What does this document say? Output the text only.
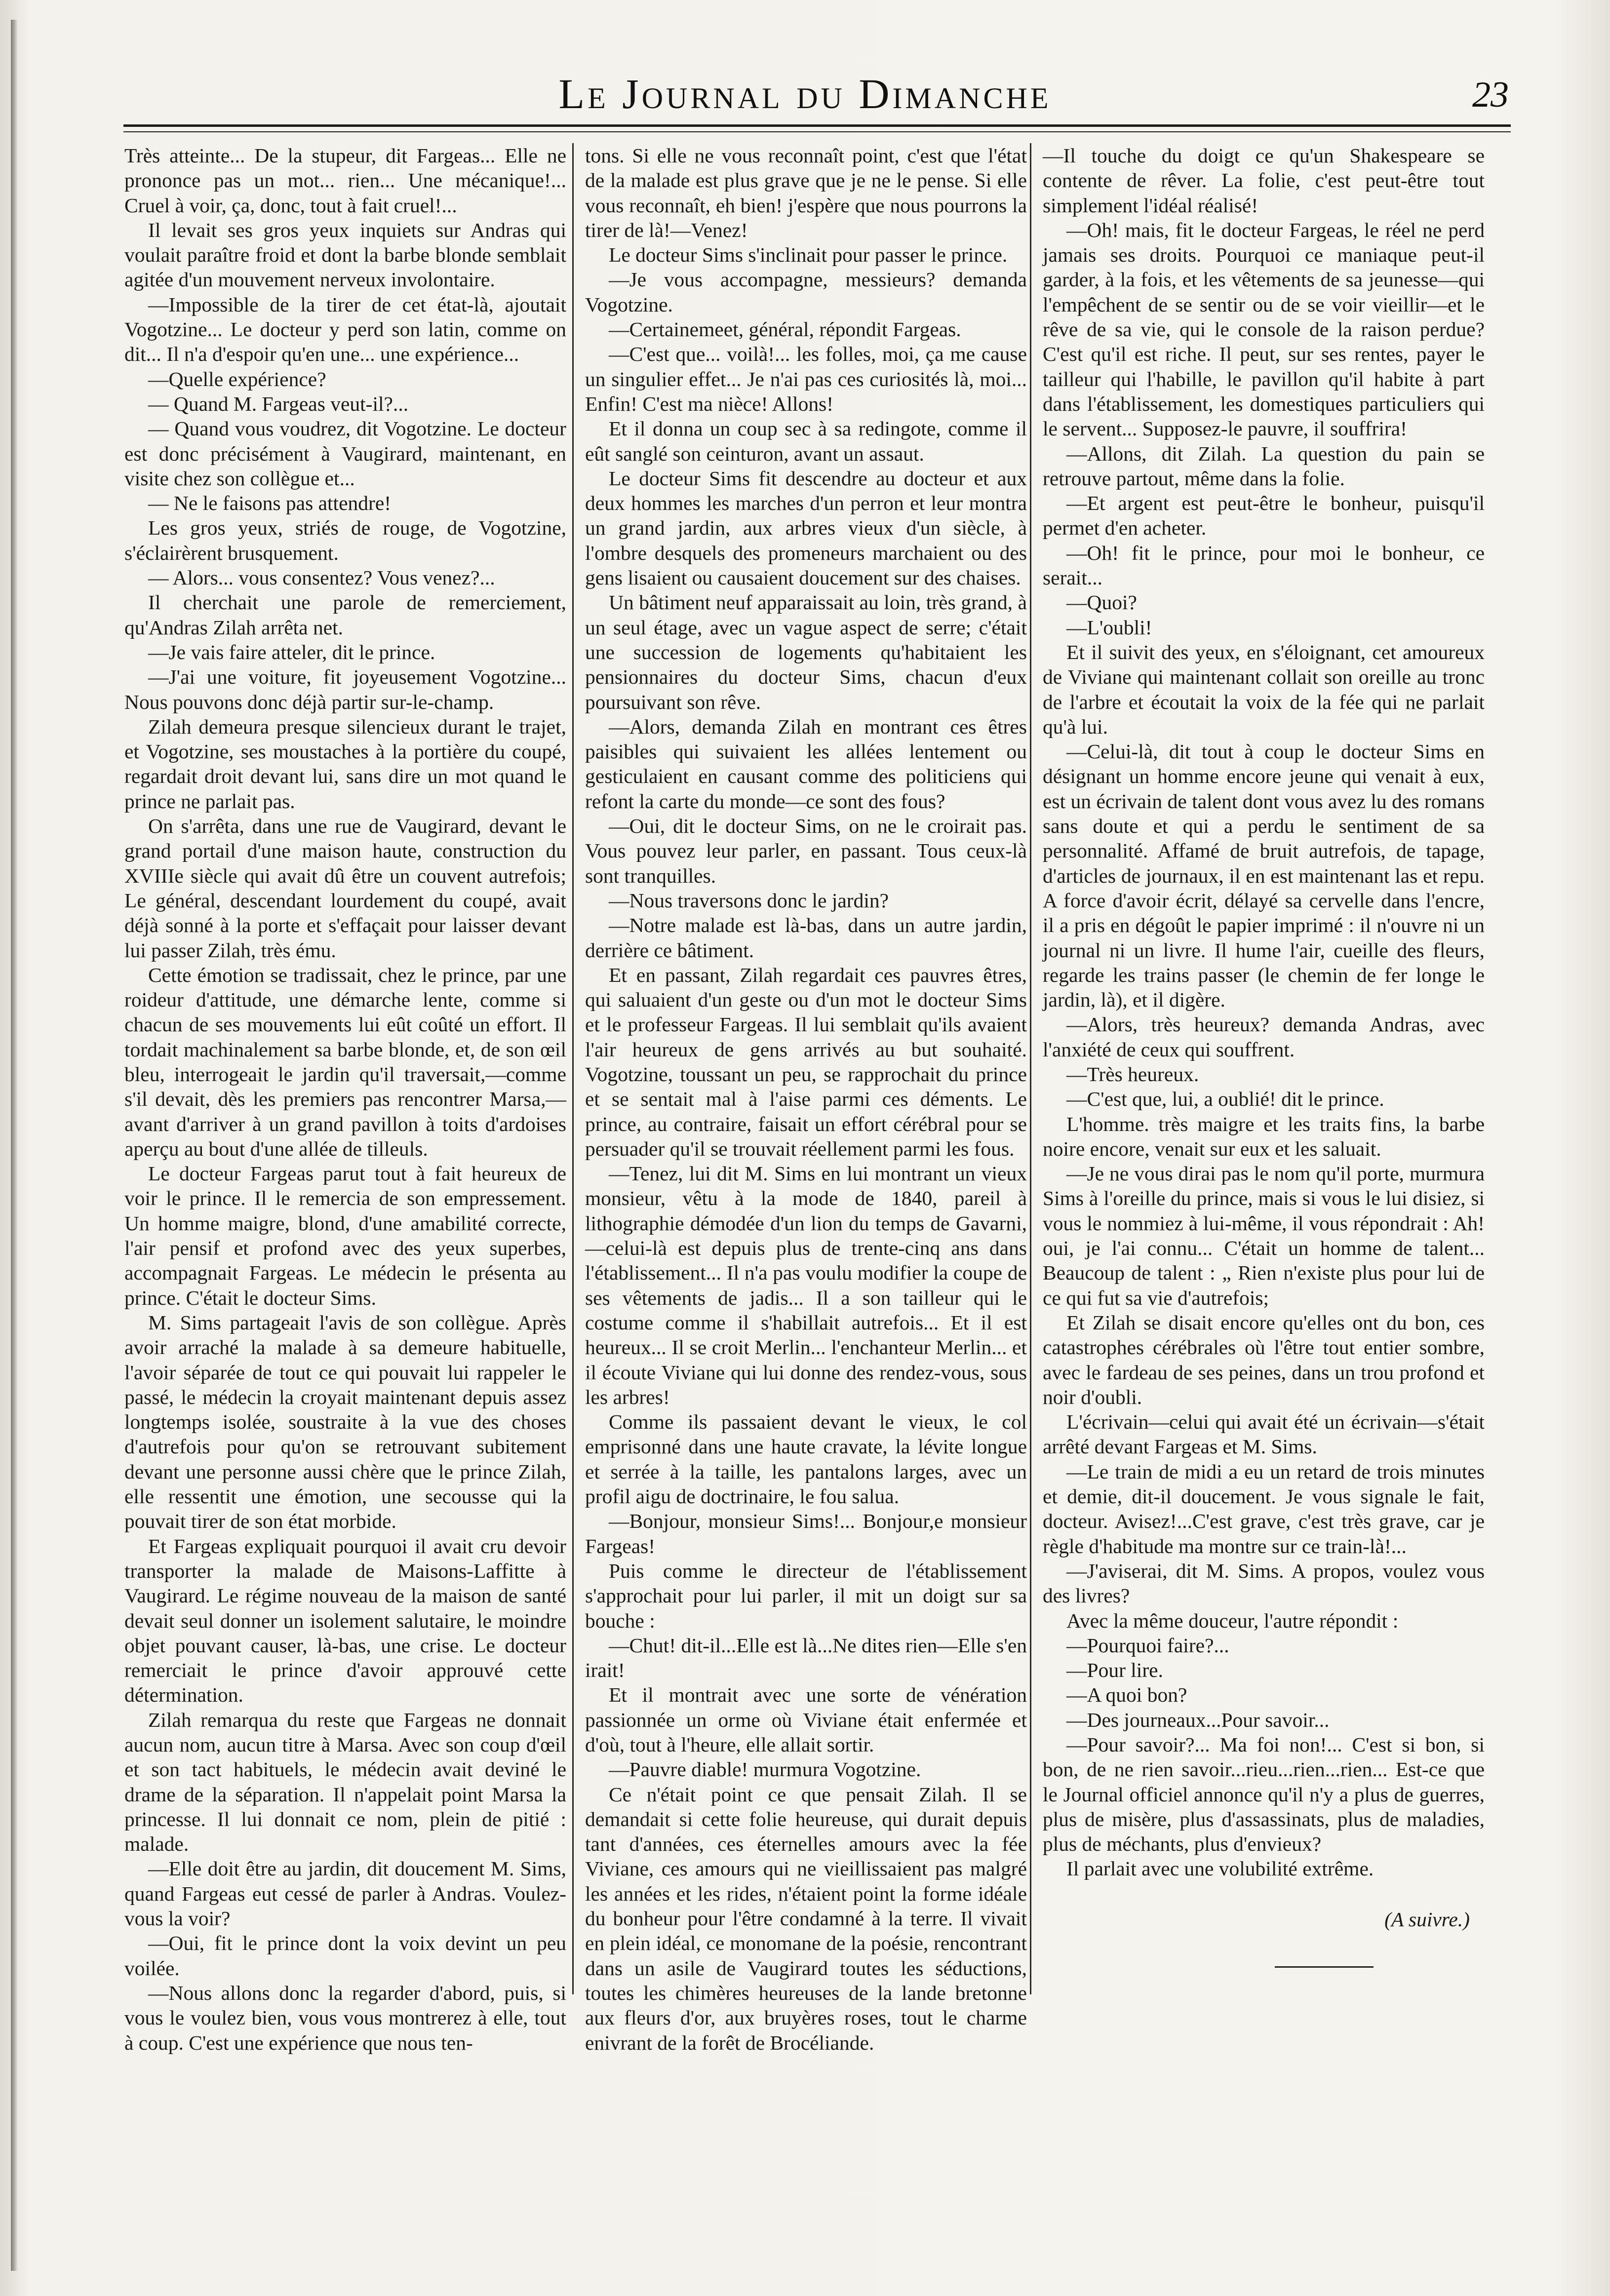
Le Journal du Dimanche	23

Très atteinte... De la stupeur, dit Fargeas... Elle ne prononce pas un mot... rien... Une mécanique!... Cruel à voir, ça, donc, tout à fait cruel!...

Il levait ses gros yeux inquiets sur Andras qui voulait paraître froid et dont la barbe blonde semblait agitée d'un mouvement nerveux involontaire.

—Impossible de la tirer de cet état-là, ajoutait Vogotzine... Le docteur y perd son latin, comme on dit... Il n'a d'espoir qu'en une... une expérience...

—Quelle expérience?

— Quand M. Fargeas veut-il?...

— Quand vous voudrez, dit Vogotzine. Le docteur est donc précisément à Vaugirard, maintenant, en visite chez son collègue et...

— Ne le faisons pas attendre!

Les gros yeux, striés de rouge, de Vogotzine, s'éclairèrent brusquement.

— Alors... vous consentez? Vous venez?...

Il cherchait une parole de remerciement, qu'Andras Zilah arrêta net.

—Je vais faire atteler, dit le prince.

—J'ai une voiture, fit joyeusement Vogotzine... Nous pouvons donc déjà partir sur-le-champ.

Zilah demeura presque silencieux durant le trajet, et Vogotzine, ses moustaches à la portière du coupé, regardait droit devant lui, sans dire un mot quand le prince ne parlait pas.

On s'arrêta, dans une rue de Vaugirard, devant le grand portail d'une maison haute, construction du XVIIIe siècle qui avait dû être un couvent autrefois; Le général, descendant lourdement du coupé, avait déjà sonné à la porte et s'effaçait pour laisser devant lui passer Zilah, très ému.

Cette émotion se tradissait, chez le prince, par une roideur d'attitude, une démarche lente, comme si chacun de ses mouvements lui eût coûté un effort. Il tordait machinalement sa barbe blonde, et, de son œil bleu, interrogeait le jardin qu'il traversait,—comme s'il devait, dès les premiers pas rencontrer Marsa,—avant d'arriver à un grand pavillon à toits d'ardoises aperçu au bout d'une allée de tilleuls.

Le docteur Fargeas parut tout à fait heureux de voir le prince. Il le remercia de son empressement. Un homme maigre, blond, d'une amabilité correcte, l'air pensif et profond avec des yeux superbes, accompagnait Fargeas. Le médecin le présenta au prince. C'était le docteur Sims.

M. Sims partageait l'avis de son collègue. Après avoir arraché la malade à sa demeure habituelle, l'avoir séparée de tout ce qui pouvait lui rappeler le passé, le médecin la croyait maintenant depuis assez longtemps isolée, soustraite à la vue des choses d'autrefois pour qu'on se retrouvant subitement devant une personne aussi chère que le prince Zilah, elle ressentit une émotion, une secousse qui la pouvait tirer de son état morbide.

Et Fargeas expliquait pourquoi il avait cru devoir transporter la malade de Maisons-Laffitte à Vaugirard. Le régime nouveau de la maison de santé devait seul donner un isolement salutaire, le moindre objet pouvant causer, là-bas, une crise. Le docteur remerciait le prince d'avoir approuvé cette détermination.

Zilah remarqua du reste que Fargeas ne donnait aucun nom, aucun titre à Marsa. Avec son coup d'œil et son tact habituels, le médecin avait deviné le drame de la séparation. Il n'appelait point Marsa la princesse. Il lui donnait ce nom, plein de pitié : malade.

—Elle doit être au jardin, dit doucement M. Sims, quand Fargeas eut cessé de parler à Andras. Voulez-vous la voir?

—Oui, fit le prince dont la voix devint un peu voilée.

—Nous allons donc la regarder d'abord, puis, si vous le voulez bien, vous vous montrerez à elle, tout à coup. C'est une expérience que nous ten-

tons. Si elle ne vous reconnaît point, c'est que l'état de la malade est plus grave que je ne le pense. Si elle vous reconnaît, eh bien! j'espère que nous pourrons la tirer de là!—Venez!

Le docteur Sims s'inclinait pour passer le prince.

—Je vous accompagne, messieurs? demanda Vogotzine.

—Certainemeet, général, répondit Fargeas.

—C'est que... voilà!... les folles, moi, ça me cause un singulier effet... Je n'ai pas ces curiosités là, moi... Enfin! C'est ma nièce! Allons!

Et il donna un coup sec à sa redingote, comme il eût sanglé son ceinturon, avant un assaut.

Le docteur Sims fit descendre au docteur et aux deux hommes les marches d'un perron et leur montra un grand jardin, aux arbres vieux d'un siècle, à l'ombre desquels des promeneurs marchaient ou des gens lisaient ou causaient doucement sur des chaises.

Un bâtiment neuf apparaissait au loin, très grand, à un seul étage, avec un vague aspect de serre; c'était une succession de logements qu'habitaient les pensionnaires du docteur Sims, chacun d'eux poursuivant son rêve.

—Alors, demanda Zilah en montrant ces êtres paisibles qui suivaient les allées lentement ou gesticulaient en causant comme des politiciens qui refont la carte du monde—ce sont des fous?

—Oui, dit le docteur Sims, on ne le croirait pas. Vous pouvez leur parler, en passant. Tous ceux-là sont tranquilles.

—Nous traversons donc le jardin?

—Notre malade est là-bas, dans un autre jardin, derrière ce bâtiment.

Et en passant, Zilah regardait ces pauvres êtres, qui saluaient d'un geste ou d'un mot le docteur Sims et le professeur Fargeas. Il lui semblait qu'ils avaient l'air heureux de gens arrivés au but souhaité. Vogotzine, toussant un peu, se rapprochait du prince et se sentait mal à l'aise parmi ces déments. Le prince, au contraire, faisait un effort cérébral pour se persuader qu'il se trouvait réellement parmi les fous.

—Tenez, lui dit M. Sims en lui montrant un vieux monsieur, vêtu à la mode de 1840, pareil à lithographie démodée d'un lion du temps de Gavarni,—celui-là est depuis plus de trente-cinq ans dans l'établissement... Il n'a pas voulu modifier la coupe de ses vêtements de jadis... Il a son tailleur qui le costume comme il s'habillait autrefois... Et il est heureux... Il se croit Merlin... l'enchanteur Merlin... et il écoute Viviane qui lui donne des rendez-vous, sous les arbres!

Comme ils passaient devant le vieux, le col emprisonné dans une haute cravate, la lévite longue et serrée à la taille, les pantalons larges, avec un profil aigu de doctrinaire, le fou salua.

—Bonjour, monsieur Sims!... Bonjour,e monsieur Fargeas!

Puis comme le directeur de l'établissement s'approchait pour lui parler, il mit un doigt sur sa bouche :

—Chut! dit-il...Elle est là...Ne dites rien—Elle s'en irait!

Et il montrait avec une sorte de vénération passionnée un orme où Viviane était enfermée et d'où, tout à l'heure, elle allait sortir.

—Pauvre diable! murmura Vogotzine.

Ce n'était point ce que pensait Zilah. Il se demandait si cette folie heureuse, qui durait depuis tant d'années, ces éternelles amours avec la fée Viviane, ces amours qui ne vieillissaient pas malgré les années et les rides, n'étaient point la forme idéale du bonheur pour l'être condamné à la terre. Il vivait en plein idéal, ce monomane de la poésie, rencontrant dans un asile de Vaugirard toutes les séductions, toutes les chimères heureuses de la lande bretonne aux fleurs d'or, aux bruyères roses, tout le charme enivrant de la forêt de Brocéliande.

—Il touche du doigt ce qu'un Shakespeare se contente de rêver. La folie, c'est peut-être tout simplement l'idéal réalisé!

—Oh! mais, fit le docteur Fargeas, le réel ne perd jamais ses droits. Pourquoi ce maniaque peut-il garder, à la fois, et les vêtements de sa jeunesse—qui l'empêchent de se sentir ou de se voir vieillir—et le rêve de sa vie, qui le console de la raison perdue? C'est qu'il est riche. Il peut, sur ses rentes, payer le tailleur qui l'habille, le pavillon qu'il habite à part dans l'établissement, les domestiques particuliers qui le servent... Supposez-le pauvre, il souffrira!

—Allons, dit Zilah. La question du pain se retrouve partout, même dans la folie.

—Et argent est peut-être le bonheur, puisqu'il permet d'en acheter.

—Oh! fit le prince, pour moi le bonheur, ce serait...

—Quoi?

—L'oubli!

Et il suivit des yeux, en s'éloignant, cet amoureux de Viviane qui maintenant collait son oreille au tronc de l'arbre et écoutait la voix de la fée qui ne parlait qu'à lui.

—Celui-là, dit tout à coup le docteur Sims en désignant un homme encore jeune qui venait à eux, est un écrivain de talent dont vous avez lu des romans sans doute et qui a perdu le sentiment de sa personnalité. Affamé de bruit autrefois, de tapage, d'articles de journaux, il en est maintenant las et repu. A force d'avoir écrit, délayé sa cervelle dans l'encre, il a pris en dégoût le papier imprimé : il n'ouvre ni un journal ni un livre. Il hume l'air, cueille des fleurs, regarde les trains passer (le chemin de fer longe le jardin, là), et il digère.

—Alors, très heureux? demanda Andras, avec l'anxiété de ceux qui souffrent.

—Très heureux.

—C'est que, lui, a oublié! dit le prince.

L'homme. très maigre et les traits fins, la barbe noire encore, venait sur eux et les saluait.

—Je ne vous dirai pas le nom qu'il porte, murmura Sims à l'oreille du prince, mais si vous le lui disiez, si vous le nommiez à lui-même, il vous répondrait : Ah! oui, je l'ai connu... C'était un homme de talent... Beaucoup de talent : „ Rien n'existe plus pour lui de ce qui fut sa vie d'autrefois;

Et Zilah se disait encore qu'elles ont du bon, ces catastrophes cérébrales où l'être tout entier sombre, avec le fardeau de ses peines, dans un trou profond et noir d'oubli.

L'écrivain—celui qui avait été un écrivain—s'était arrêté devant Fargeas et M. Sims.

—Le train de midi a eu un retard de trois minutes et demie, dit-il doucement. Je vous signale le fait, docteur. Avisez!...C'est grave, c'est très grave, car je règle d'habitude ma montre sur ce train-là!...

—J'aviserai, dit M. Sims. A propos, voulez vous des livres?

Avec la même douceur, l'autre répondit :

—Pourquoi faire?...

—Pour lire.

—A quoi bon?

—Des journeaux...Pour savoir...

—Pour savoir?... Ma foi non!... C'est si bon, si bon, de ne rien savoir...rieu...rien...rien... Est-ce que le Journal officiel annonce qu'il n'y a plus de guerres, plus de misère, plus d'assassinats, plus de maladies, plus de méchants, plus d'envieux?

Il parlait avec une volubilité extrême.

(A suivre.)
